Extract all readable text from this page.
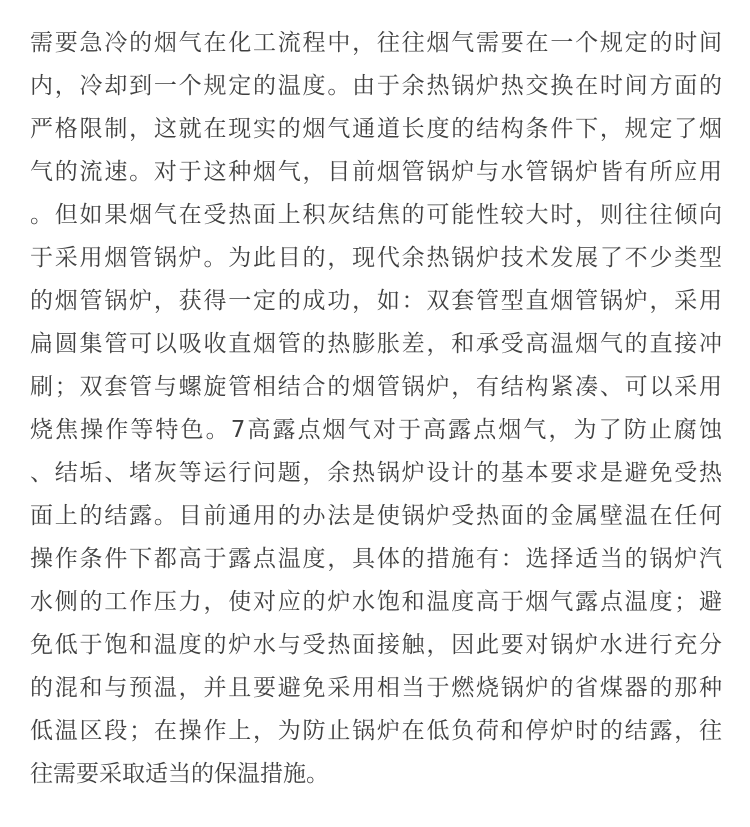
需要急冷的烟气在化工流程中，往往烟气需要在一个规定的时间
内，冷却到一个规定的温度。由于余热锅炉热交换在时间方面的
严格限制，这就在现实的烟气通道长度的结构条件下，规定了烟
气的流速。对于这种烟气，目前烟管锅炉与水管锅炉皆有所应用
。但如果烟气在受热面上积灰结焦的可能性较大时，则往往倾向
于采用烟管锅炉。为此目的，现代余热锅炉技术发展了不少类型
的烟管锅炉，获得一定的成功，如：双套管型直烟管锅炉，采用
扁圆集管可以吸收直烟管的热膨胀差，和承受高温烟气的直接冲
刷；双套管与螺旋管相结合的烟管锅炉，有结构紧凑、可以采用
烧焦操作等特色。7高露点烟气对于高露点烟气，为了防止腐蚀
、结垢、堵灰等运行问题，余热锅炉设计的基本要求是避免受热
面上的结露。目前通用的办法是使锅炉受热面的金属壁温在任何
操作条件下都高于露点温度，具体的措施有：选择适当的锅炉汽
水侧的工作压力，使对应的炉水饱和温度高于烟气露点温度；避
免低于饱和温度的炉水与受热面接触，因此要对锅炉水进行充分
的混和与预温，并且要避免采用相当于燃烧锅炉的省煤器的那种
低温区段；在操作上，为防止锅炉在低负荷和停炉时的结露，往
往需要采取适当的保温措施。
